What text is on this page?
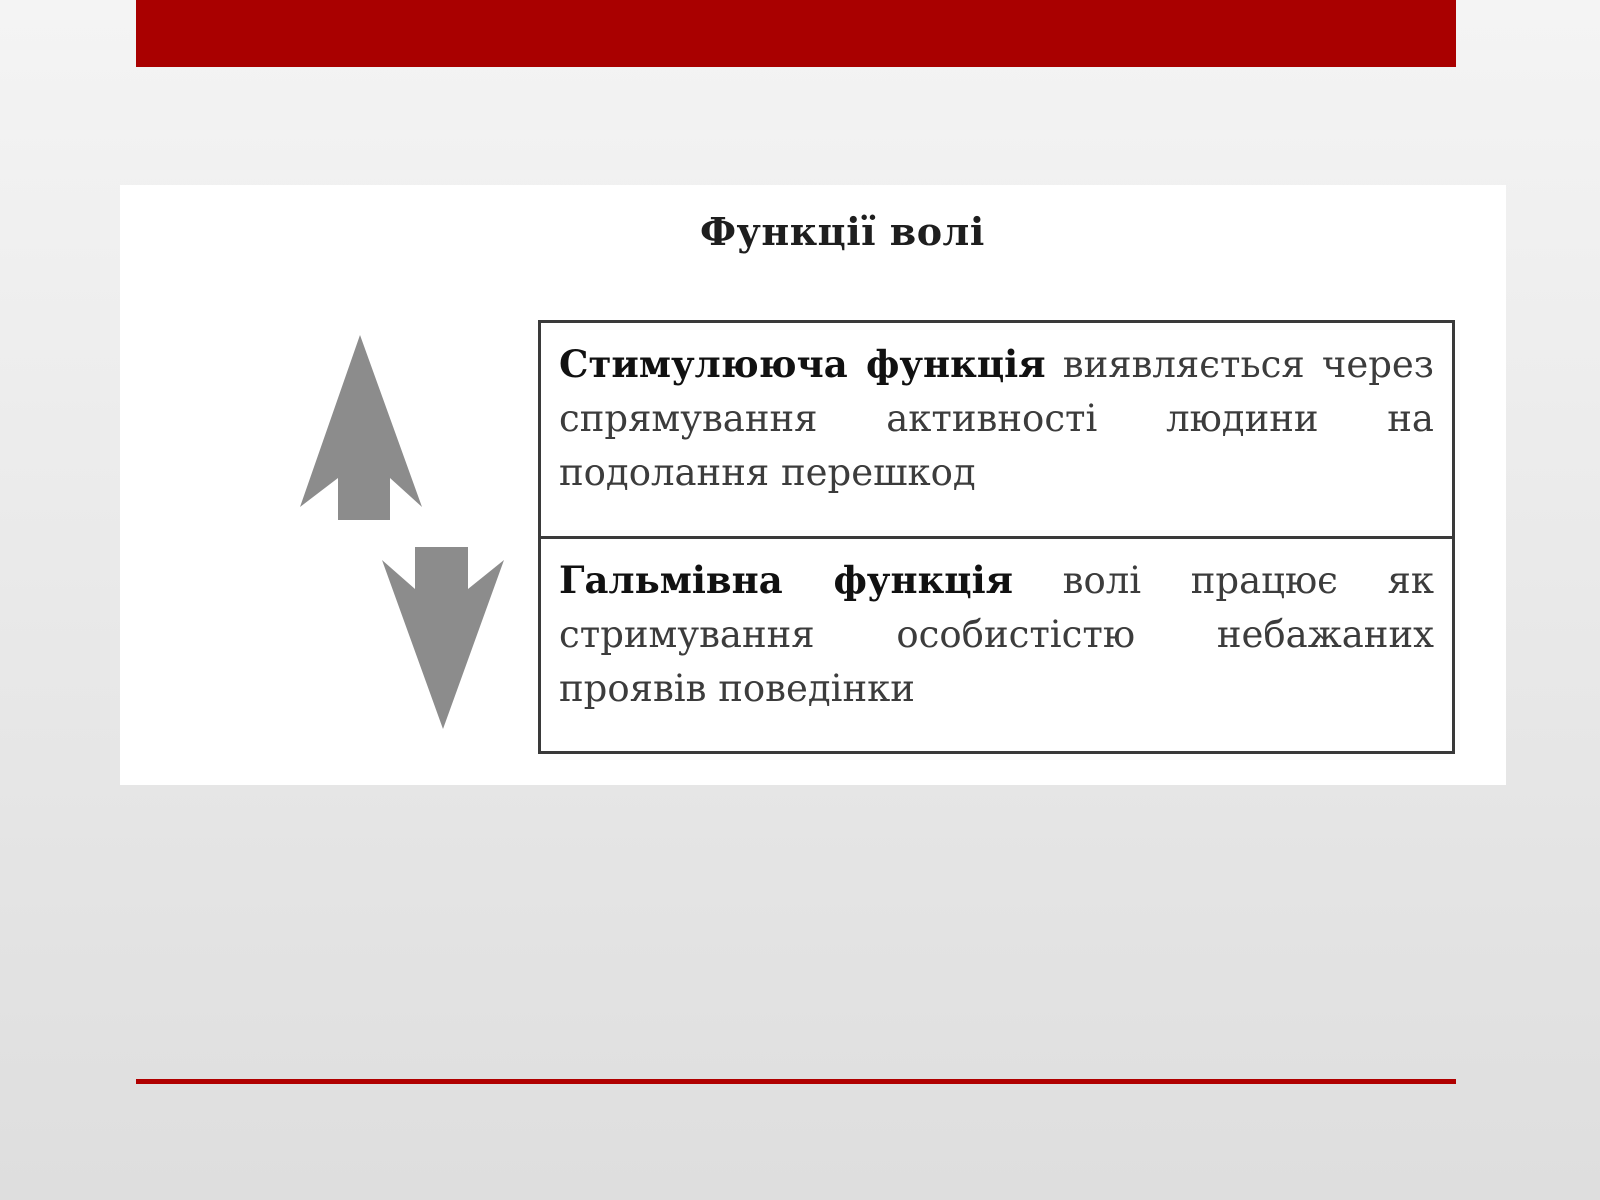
Функції волі
Стимулююча функція виявляється через спрямування активності людини на подолання перешкод
Гальмівна функція волі працює як стримування особистістю небажаних проявів поведінки
